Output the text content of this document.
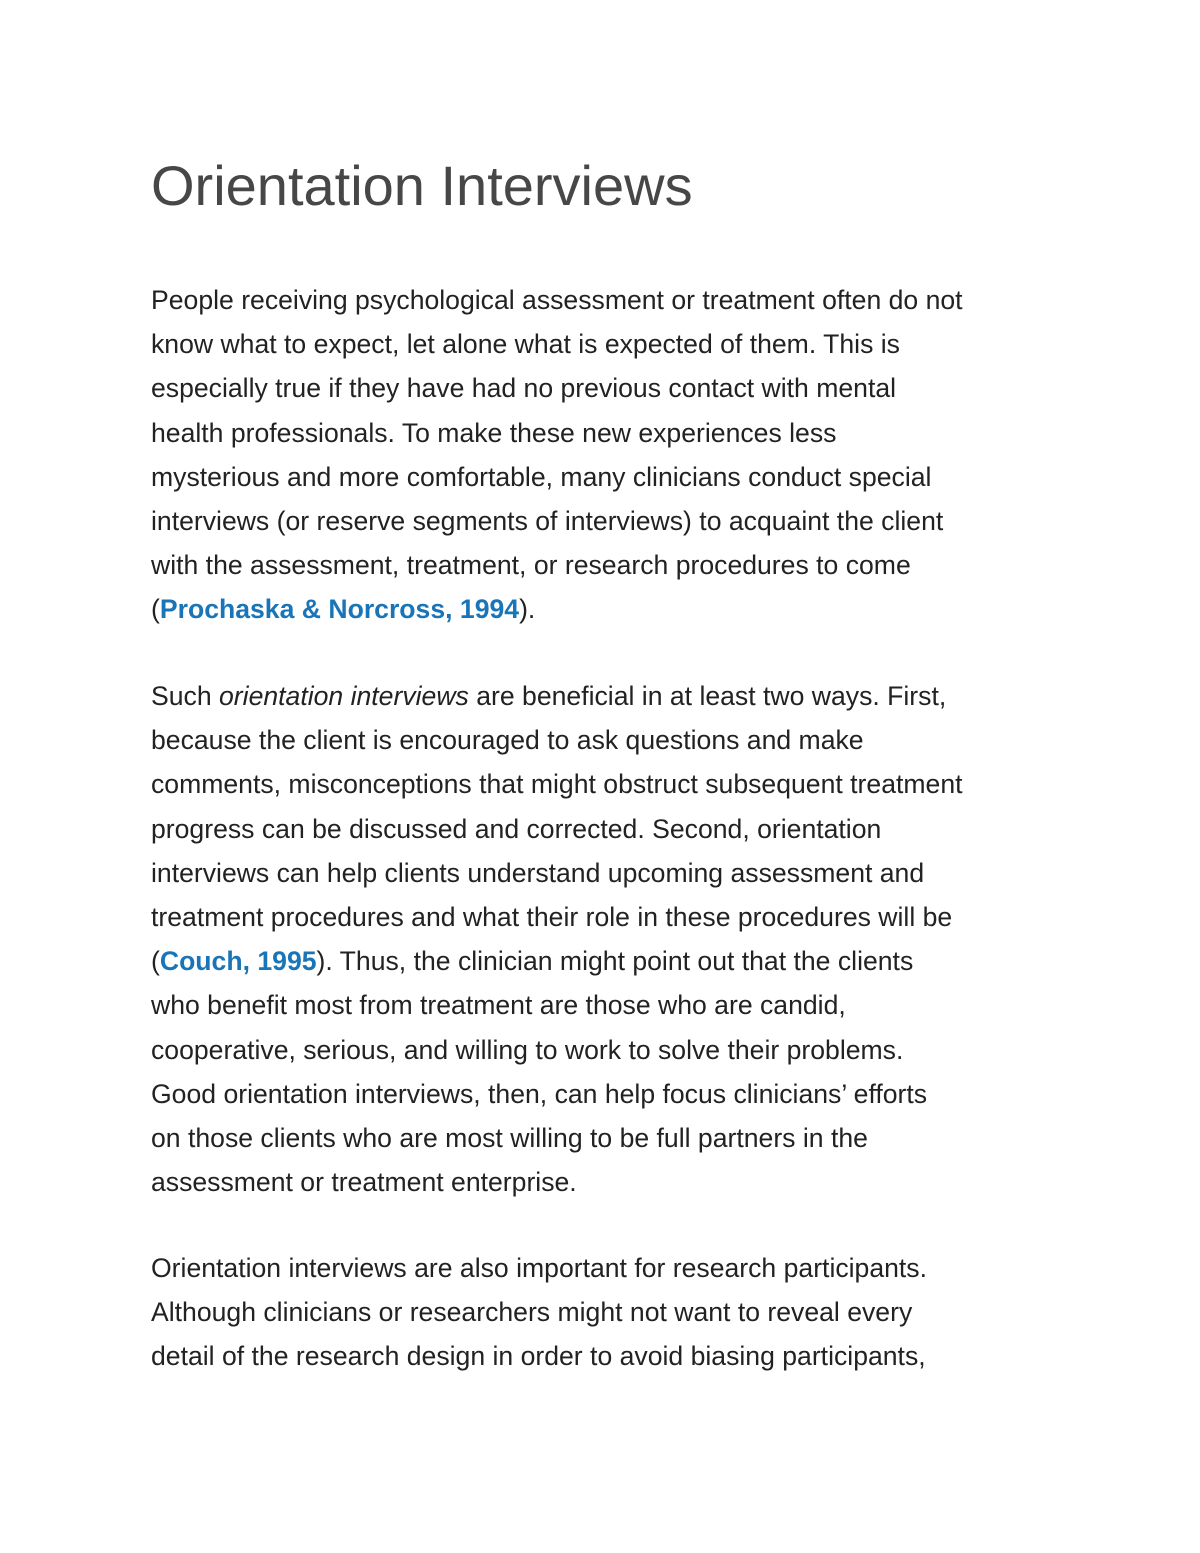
Orientation Interviews

People receiving psychological assessment or treatment often do not
know what to expect, let alone what is expected of them. This is
especially true if they have had no previous contact with mental
health professionals. To make these new experiences less
mysterious and more comfortable, many clinicians conduct special
interviews (or reserve segments of interviews) to acquaint the client
with the assessment, treatment, or research procedures to come
(Prochaska & Norcross, 1994).

Such orientation interviews are beneficial in at least two ways. First,
because the client is encouraged to ask questions and make
comments, misconceptions that might obstruct subsequent treatment
progress can be discussed and corrected. Second, orientation
interviews can help clients understand upcoming assessment and
treatment procedures and what their role in these procedures will be
(Couch, 1995). Thus, the clinician might point out that the clients
who benefit most from treatment are those who are candid,
cooperative, serious, and willing to work to solve their problems.
Good orientation interviews, then, can help focus clinicians’ efforts
on those clients who are most willing to be full partners in the
assessment or treatment enterprise.

Orientation interviews are also important for research participants.
Although clinicians or researchers might not want to reveal every
detail of the research design in order to avoid biasing participants,
